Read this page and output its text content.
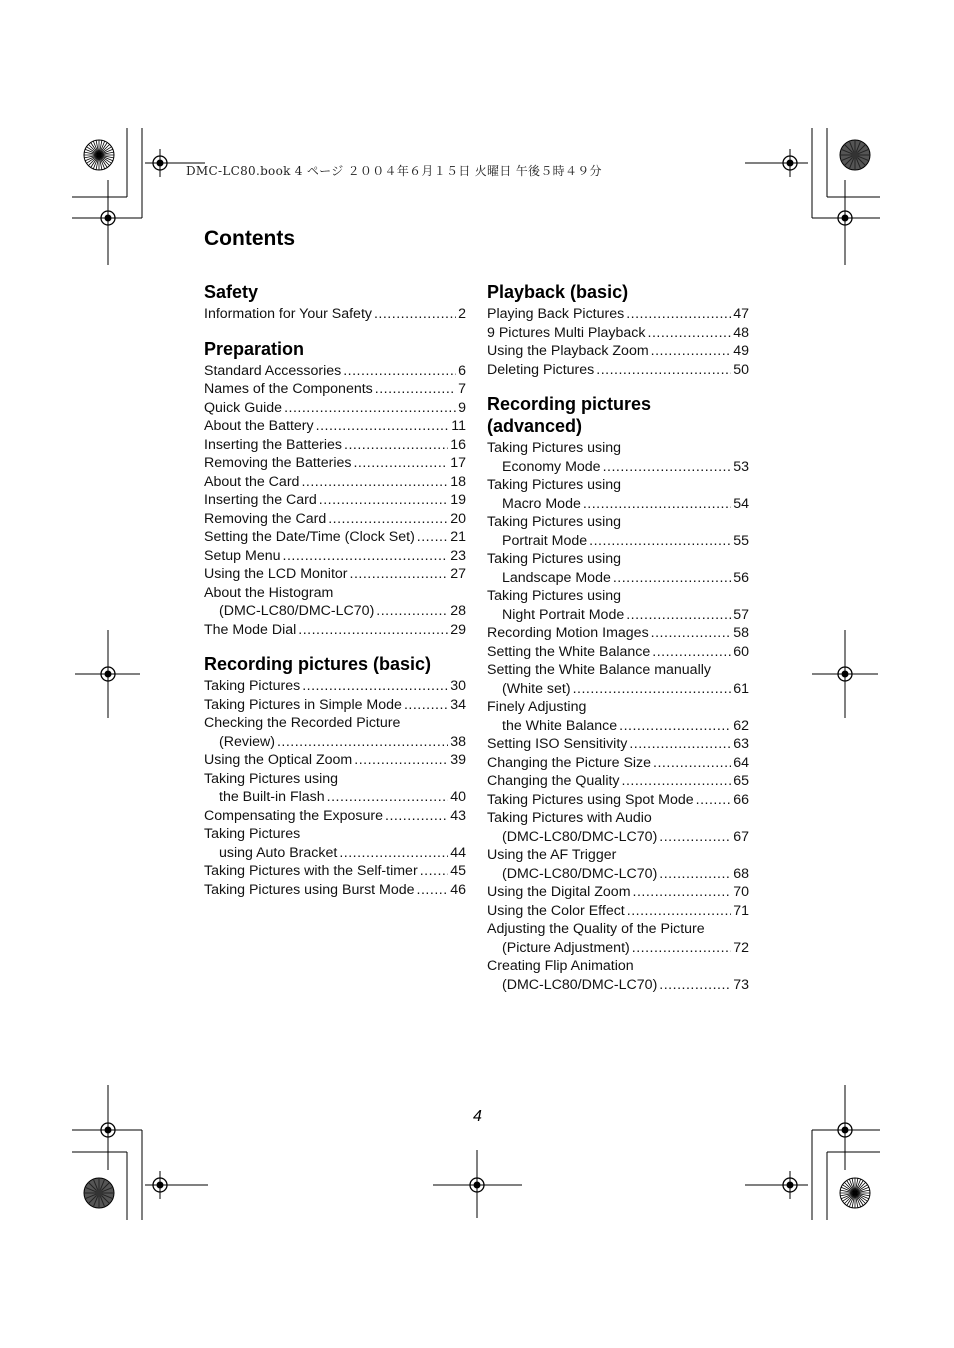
DMC-LC80.book 4 ページ ２００４年６月１５日 火曜日 午後５時４９分
Contents
Safety
Information for Your Safety .....	2
Preparation
Standard Accessories .....	6
Names of the Components .....	7
Quick Guide .....	9
About the Battery .....	11
Inserting the Batteries .....	16
Removing the Batteries .....	17
About the Card .....	18
Inserting the Card .....	19
Removing the Card .....	20
Setting the Date/Time (Clock Set) ..... 21
Setup Menu .....	23
Using the LCD Monitor .....	27
About the Histogram
(DMC-LC80/DMC-LC70) .....	28
The Mode Dial .....	29
Recording pictures (basic)
Taking Pictures .....	30
Taking Pictures in Simple Mode .....	34
Checking the Recorded Picture
(Review) .....	38
Using the Optical Zoom .....	39
Taking Pictures using
the Built-in Flash .....	40
Compensating the Exposure .....	43
Taking Pictures
using Auto Bracket .....	44
Taking Pictures with the Self-timer ..... 45
Taking Pictures using Burst Mode .....	46
Playback (basic)
Playing Back Pictures .....	47
9 Pictures Multi Playback .....	48
Using the Playback Zoom .....	49
Deleting Pictures .....	50
Recording pictures
(advanced)
Taking Pictures using
Economy Mode .....	53
Taking Pictures using
Macro Mode .....	54
Taking Pictures using
Portrait Mode .....	55
Taking Pictures using
Landscape Mode .....	56
Taking Pictures using
Night Portrait Mode .....	57
Recording Motion Images .....	58
Setting the White Balance .....	60
Setting the White Balance manually
(White set) .....	61
Finely Adjusting
the White Balance .....	62
Setting ISO Sensitivity .....	63
Changing the Picture Size .....	64
Changing the Quality .....	65
Taking Pictures using Spot Mode .....	66
Taking Pictures with Audio
(DMC-LC80/DMC-LC70) .....	67
Using the AF Trigger
(DMC-LC80/DMC-LC70) .....	68
Using the Digital Zoom .....	70
Using the Color Effect .....	71
Adjusting the Quality of the Picture
(Picture Adjustment) .....	72
Creating Flip Animation
(DMC-LC80/DMC-LC70) .....	73
4
